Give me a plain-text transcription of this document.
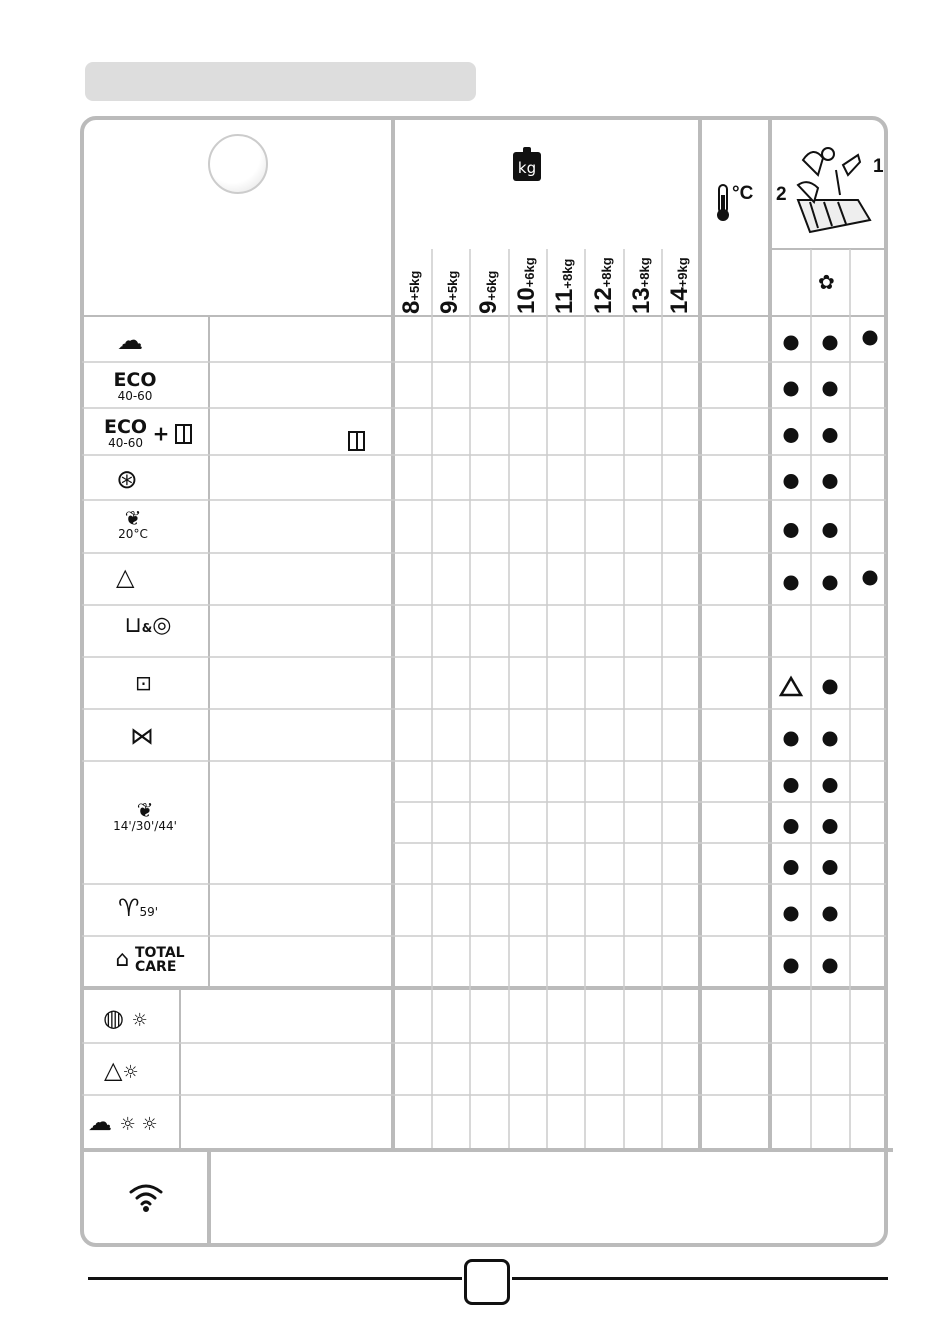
kg
°C
1
2
✿
8+5kg
9+5kg
9+6kg
10+6kg
11+8kg
12+8kg
13+8kg
14+9kg
☁
ECO
40-60
ECO
40-60 +
⊛
❦
20°C
△
⊔&◎
⊡
⋈
❦
14'/30'/44'
♈59'
⌂ TOTAL
CARE
◍ ☼
△☼
☁ ☼ ☼
